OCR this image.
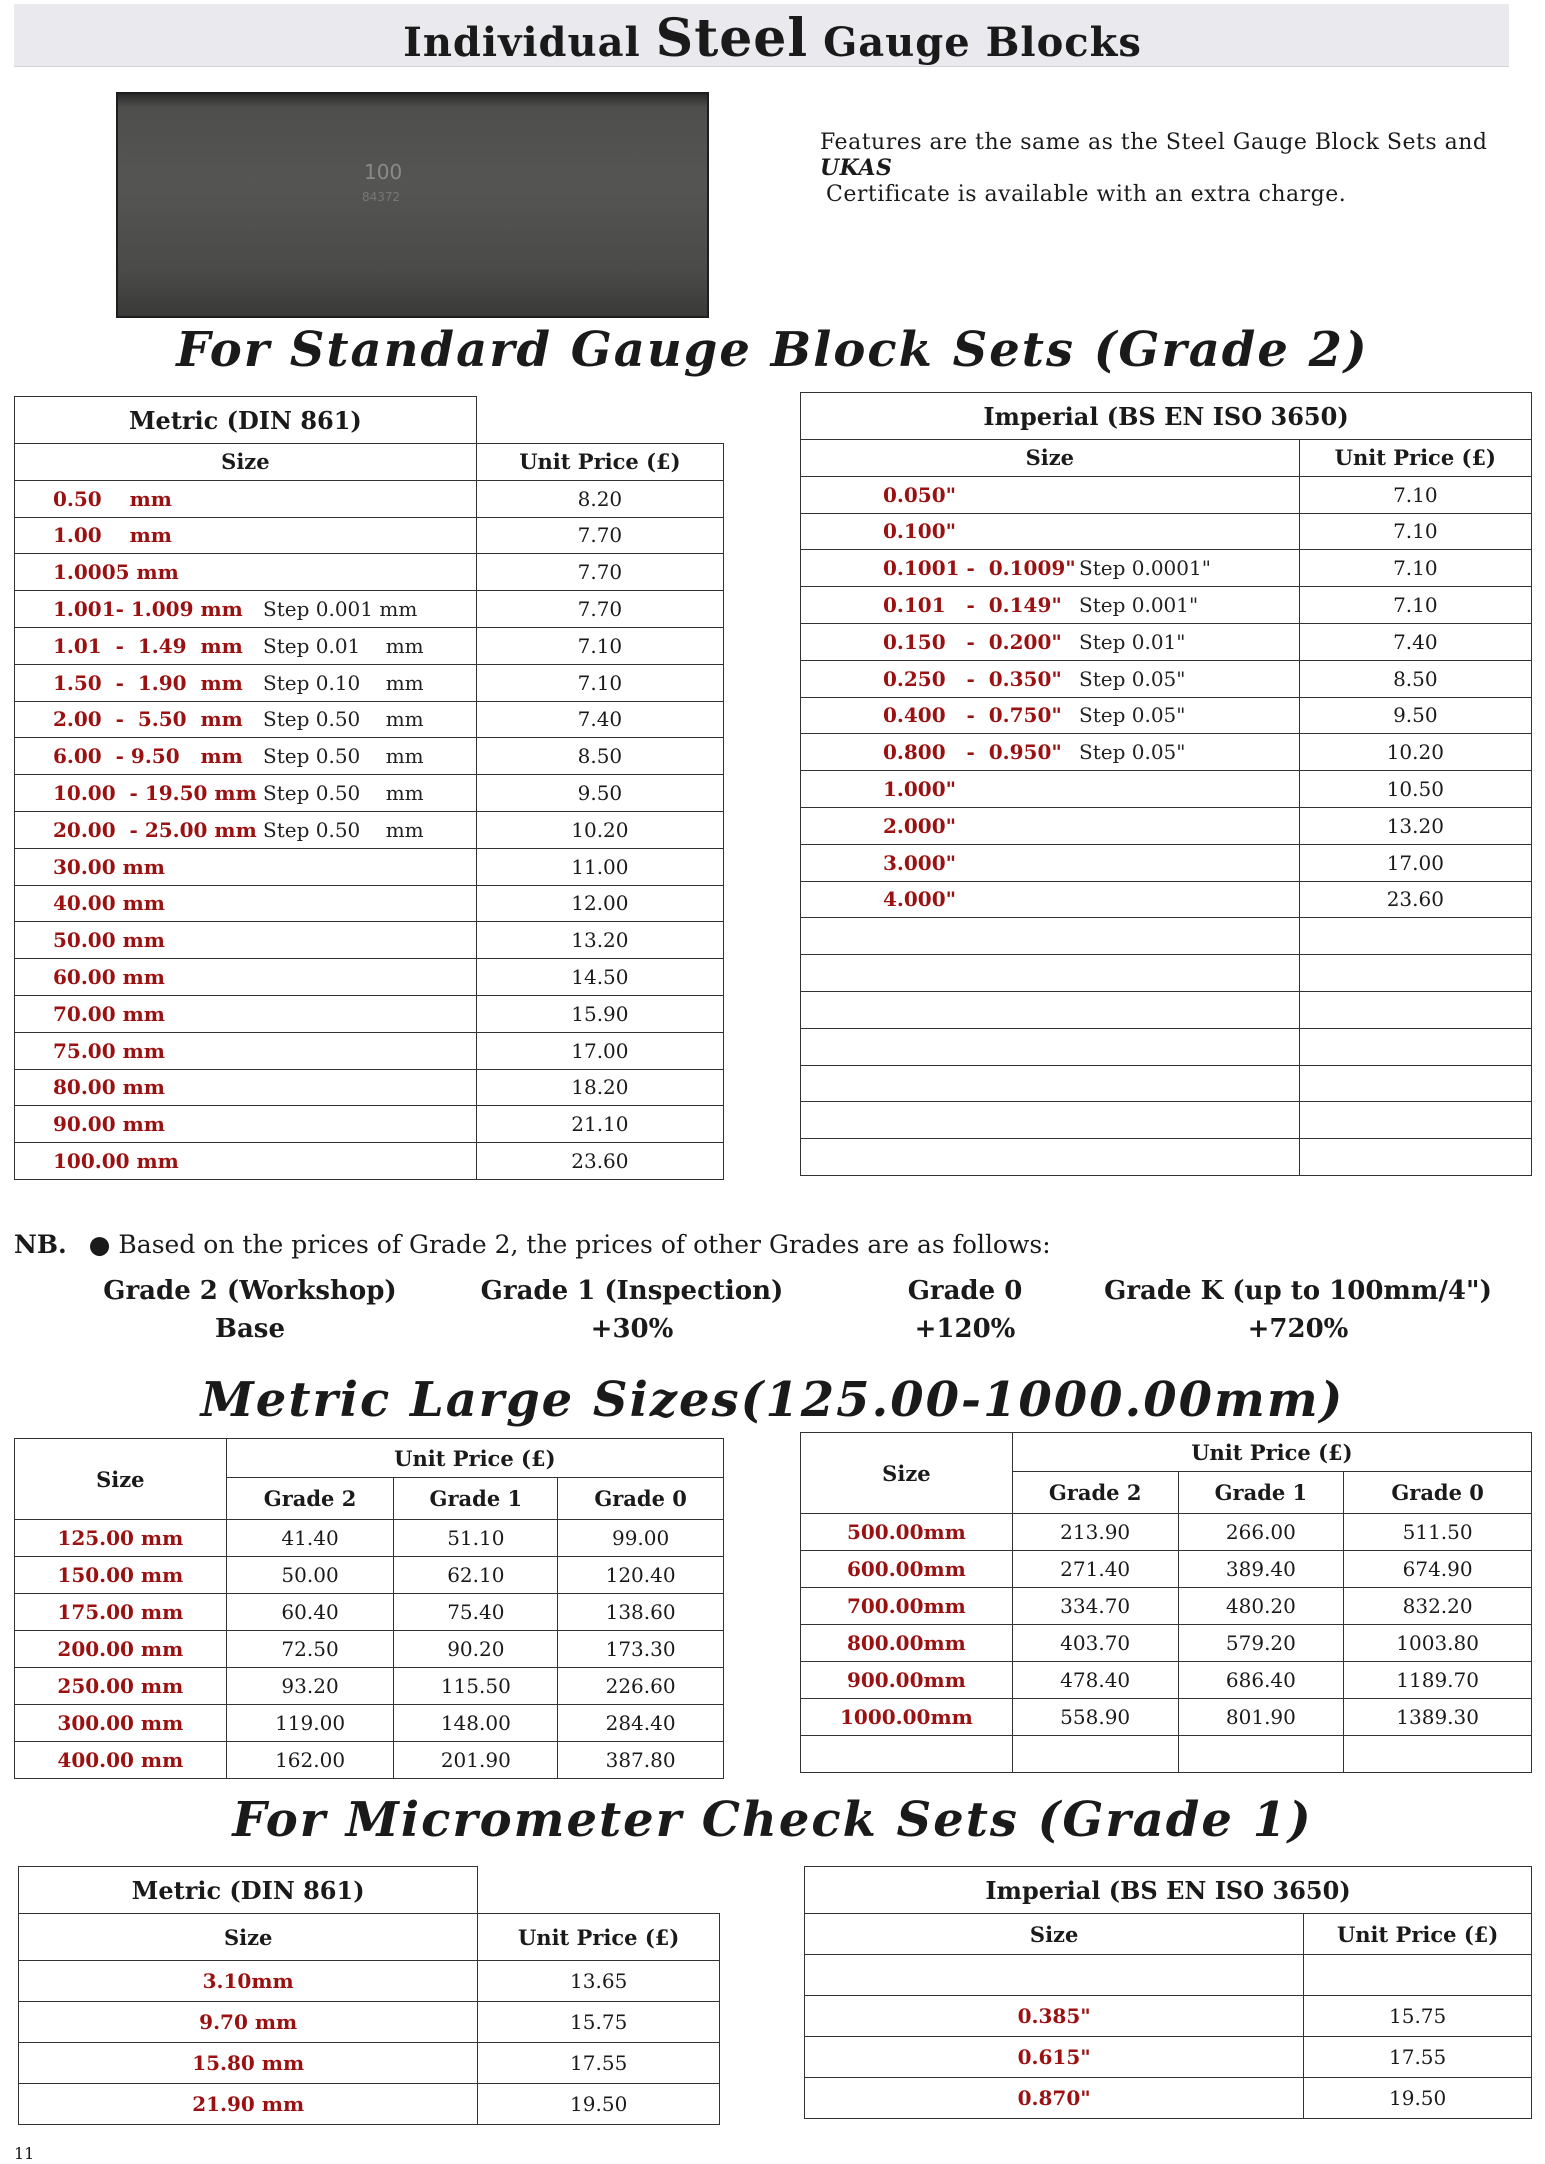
Individual Steel Gauge Blocks
100
84372
Features are the same as the Steel Gauge Block Sets and UKAS
Certificate is available with an extra charge.
For Standard Gauge Block Sets (Grade 2)
Metric (DIN 861)	
Size	Unit Price (£)
0.50    mm	8.20
1.00    mm	7.70
1.0005 mm	7.70
1.001- 1.009 mm Step 0.001 mm	7.70
1.01  -  1.49  mm Step 0.01    mm	7.10
1.50  -  1.90  mm Step 0.10    mm	7.10
2.00  -  5.50  mm Step 0.50    mm	7.40
6.00  - 9.50   mm Step 0.50    mm	8.50
10.00  - 19.50 mm Step 0.50    mm	9.50
20.00  - 25.00 mm Step 0.50    mm	10.20
30.00 mm	11.00
40.00 mm	12.00
50.00 mm	13.20
60.00 mm	14.50
70.00 mm	15.90
75.00 mm	17.00
80.00 mm	18.20
90.00 mm	21.10
100.00 mm	23.60
Imperial (BS EN ISO 3650)	
Size	Unit Price (£)
0.050"	7.10
0.100"	7.10
0.1001 -  0.1009" Step 0.0001"	7.10
0.101   -  0.149" Step 0.001"	7.10
0.150   -  0.200" Step 0.01"	7.40
0.250   -  0.350" Step 0.05"	8.50
0.400   -  0.750" Step 0.05"	9.50
0.800   -  0.950" Step 0.05"	10.20
1.000"	10.50
2.000"	13.20
3.000"	17.00
4.000"	23.60

NB. ● Based on the prices of Grade 2, the prices of other Grades are as follows:
Grade 2 (Workshop)
Base
Grade 1 (Inspection)
+30%
Grade 0
+120%
Grade K (up to 100mm/4")
+720%
Metric Large Sizes(125.00-1000.00mm)
Size	Unit Price (£)		
	Grade 2	Grade 1	Grade 0
125.00 mm	41.40	51.10	99.00
150.00 mm	50.00	62.10	120.40
175.00 mm	60.40	75.40	138.60
200.00 mm	72.50	90.20	173.30
250.00 mm	93.20	115.50	226.60
300.00 mm	119.00	148.00	284.40
400.00 mm	162.00	201.90	387.80
Size	Unit Price (£)		
	Grade 2	Grade 1	Grade 0
500.00mm	213.90	266.00	511.50
600.00mm	271.40	389.40	674.90
700.00mm	334.70	480.20	832.20
800.00mm	403.70	579.20	1003.80
900.00mm	478.40	686.40	1189.70
1000.00mm	558.90	801.90	1389.30

For Micrometer Check Sets (Grade 1)
Metric (DIN 861)	
Size	Unit Price (£)
3.10mm	13.65
9.70 mm	15.75
15.80 mm	17.55
21.90 mm	19.50
Imperial (BS EN ISO 3650)	
Size	Unit Price (£)

0.385"	15.75
0.615"	17.55
0.870"	19.50
11
